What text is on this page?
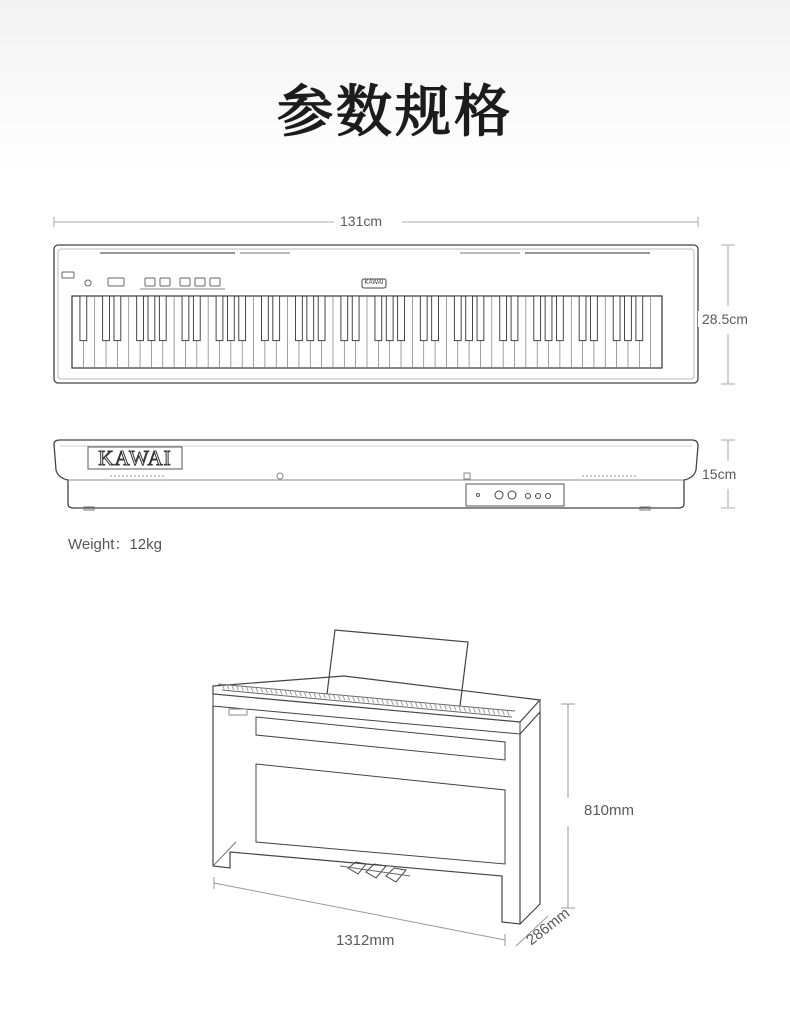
参数规格
131cm
28.5cm
15cm
Weight：12kg
810mm
1312mm	286mm
KAWAI
KAWAI
